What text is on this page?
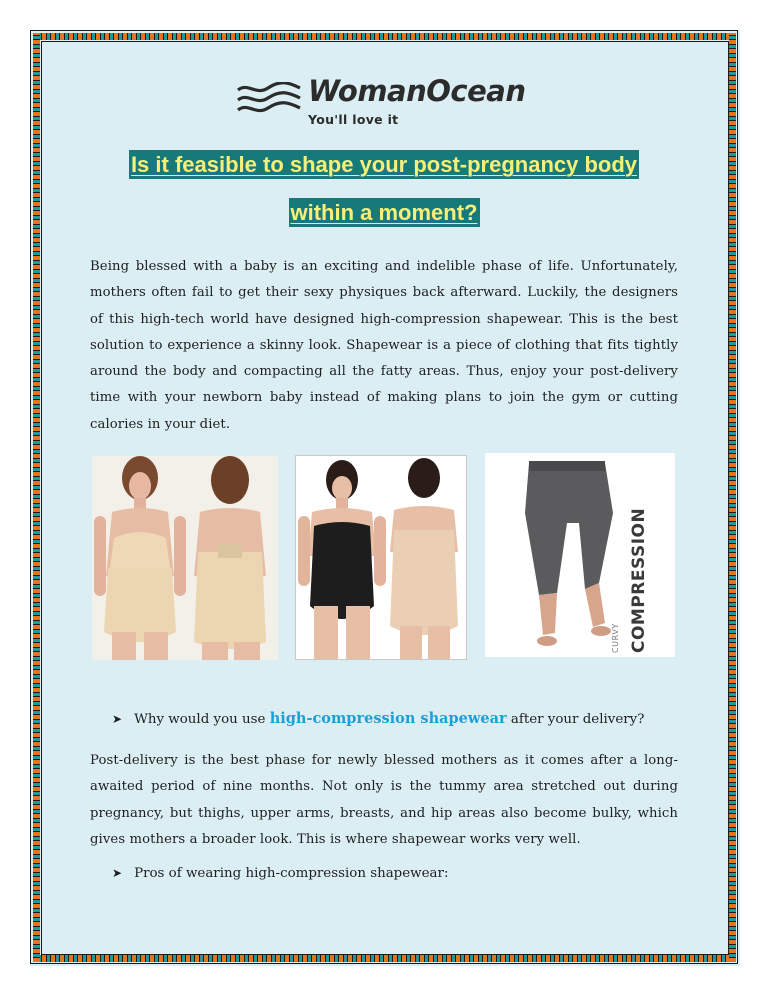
WomanOcean
You'll love it
Is it feasible to shape your post-pregnancy body
within a moment?
Being blessed with a baby is an exciting and indelible phase of life. Unfortunately, mothers often fail to get their sexy physiques back afterward. Luckily, the designers of this high-tech world have designed high-compression shapewear. This is the best solution to experience a skinny look. Shapewear is a piece of clothing that fits tightly around the body and compacting all the fatty areas. Thus, enjoy your post-delivery time with your newborn baby instead of making plans to join the gym or cutting calories in your diet.
COMPRESSION
CURVY
➤ Why would you use high-compression shapewear after your delivery?
Post-delivery is the best phase for newly blessed mothers as it comes after a long-awaited period of nine months. Not only is the tummy area stretched out during pregnancy, but thighs, upper arms, breasts, and hip areas also become bulky, which gives mothers a broader look. This is where shapewear works very well.
➤ Pros of wearing high-compression shapewear:
